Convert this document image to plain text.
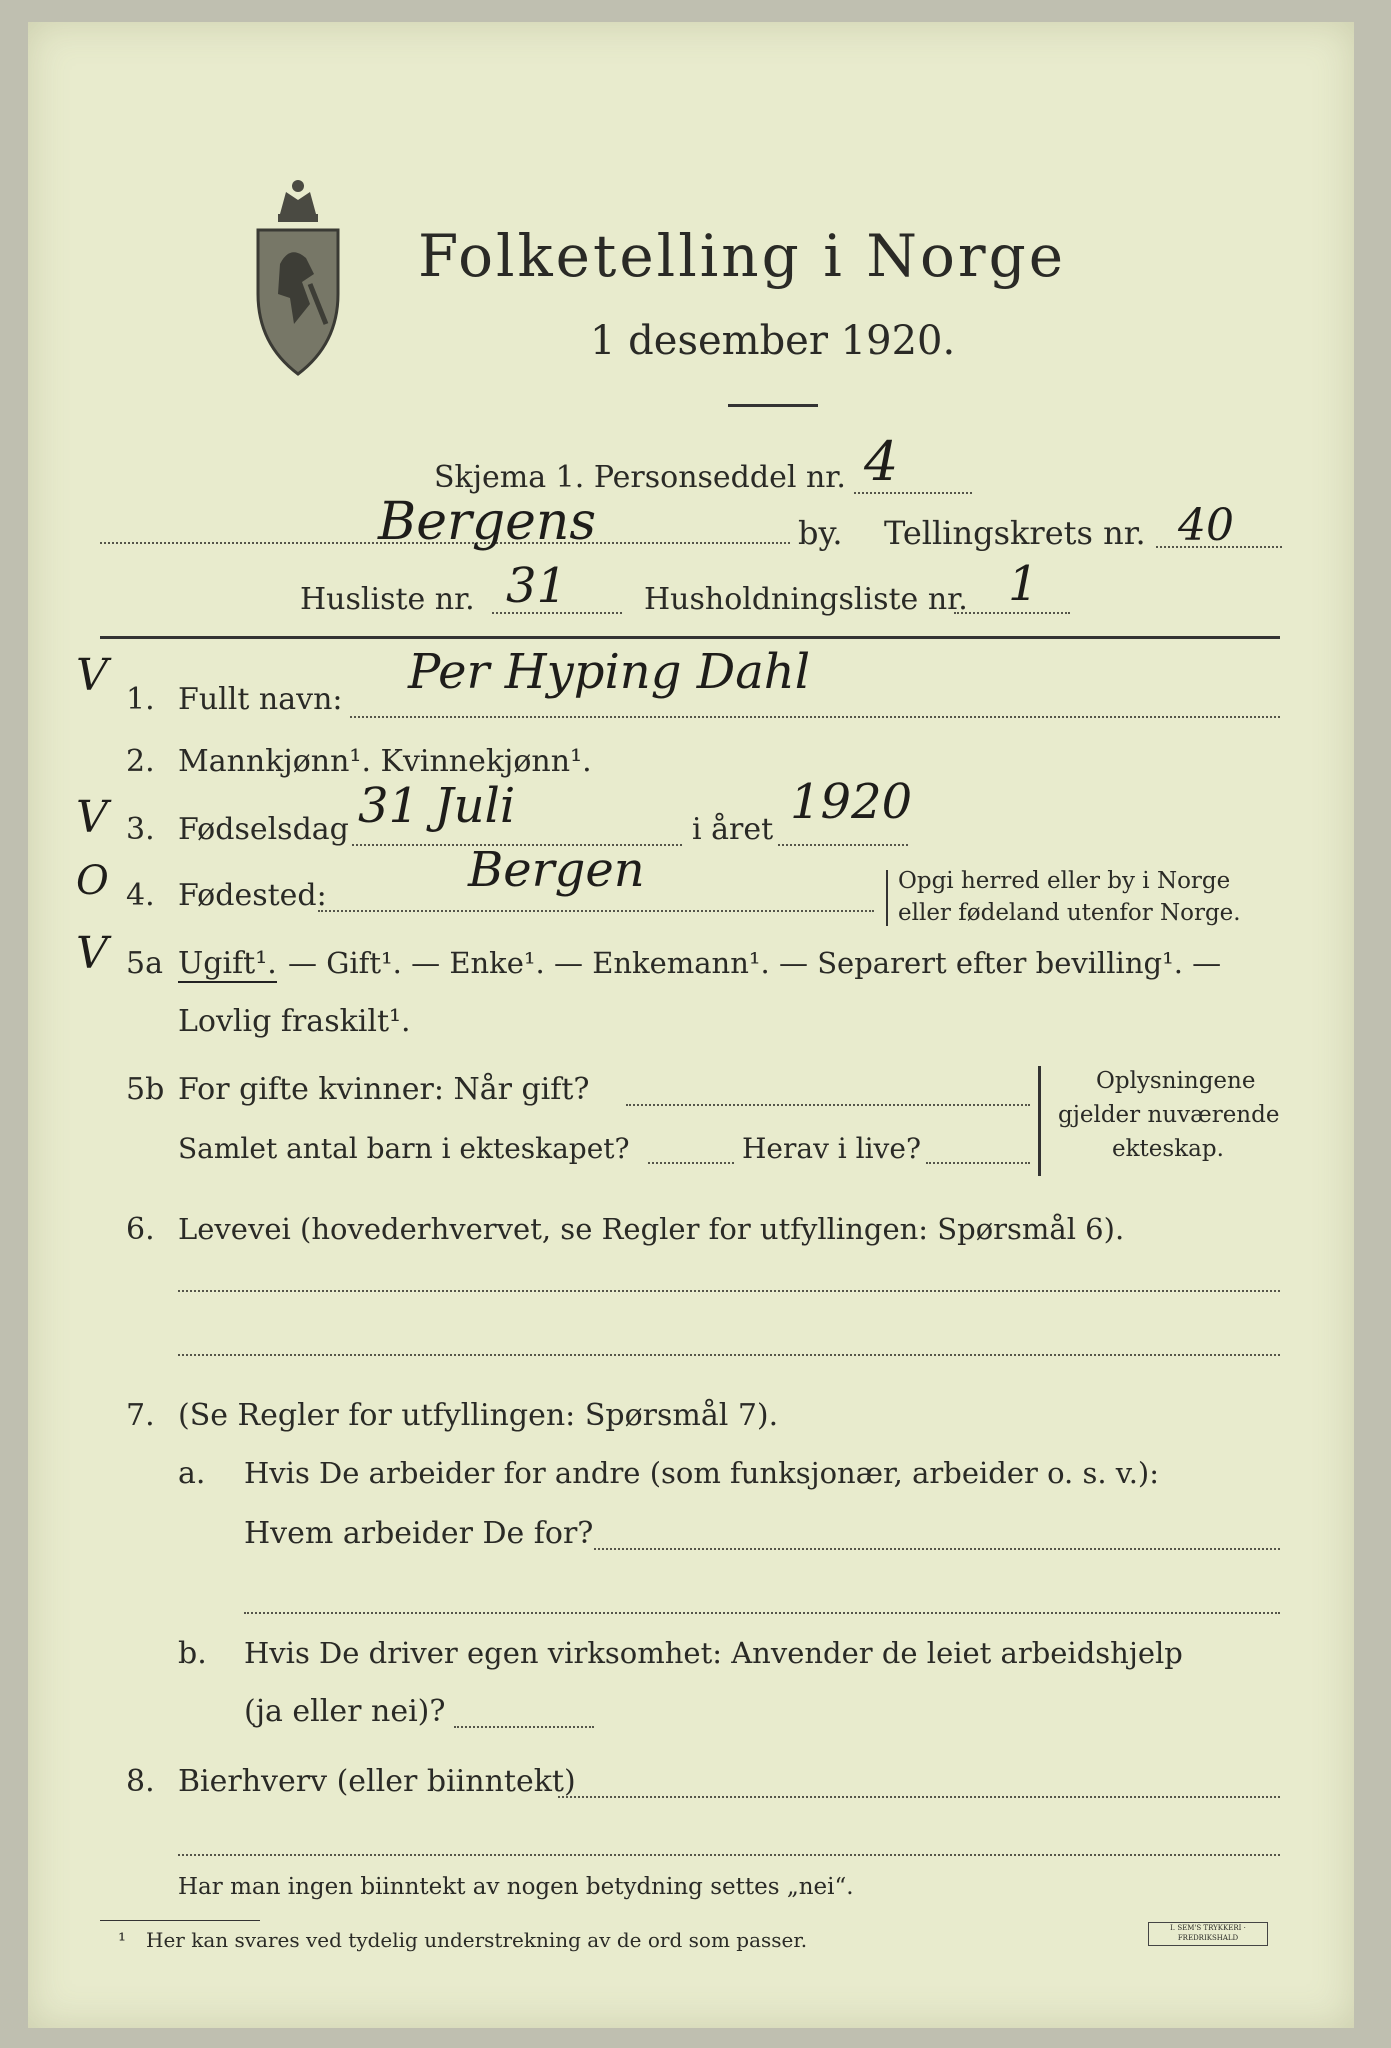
Folketelling i Norge
1 desember 1920.
Skjema 1. Personseddel nr. 4
Bergens	by. Tellingskrets nr. 40
Husliste nr. 31	Husholdningsliste nr. 1
V 1. Fullt navn: Per Hyping Dahl
2. Mannkjønn¹. Kvinnekjønn¹.
V 3. Fødselsdag 31 Juli	i året 1920
O 4. Fødested:	Bergen	Opgi herred eller by i Norge
eller fødeland utenfor Norge.
V 5a Ugift¹. — Gift¹. — Enke¹. — Enkemann¹. — Separert efter bevilling¹. —
Lovlig fraskilt¹.
5b For gifte kvinner: Når gift?
Samlet antal barn i ekteskapet?	Herav i live?
Oplysningene
gjelder nuværende
ekteskap.
6. Levevei (hovederhvervet, se Regler for utfyllingen: Spørsmål 6).
7. (Se Regler for utfyllingen: Spørsmål 7).
a. Hvis De arbeider for andre (som funksjonær, arbeider o. s. v.):
Hvem arbeider De for?
b. Hvis De driver egen virksomhet: Anvender de leiet arbeidshjelp
(ja eller nei)?
8. Bierhverv (eller biinntekt)
Har man ingen biinntekt av nogen betydning settes „nei“.
¹ Her kan svares ved tydelig understrekning av de ord som passer.	I. SEM'S TRYKKERI · FREDRIKSHALD
